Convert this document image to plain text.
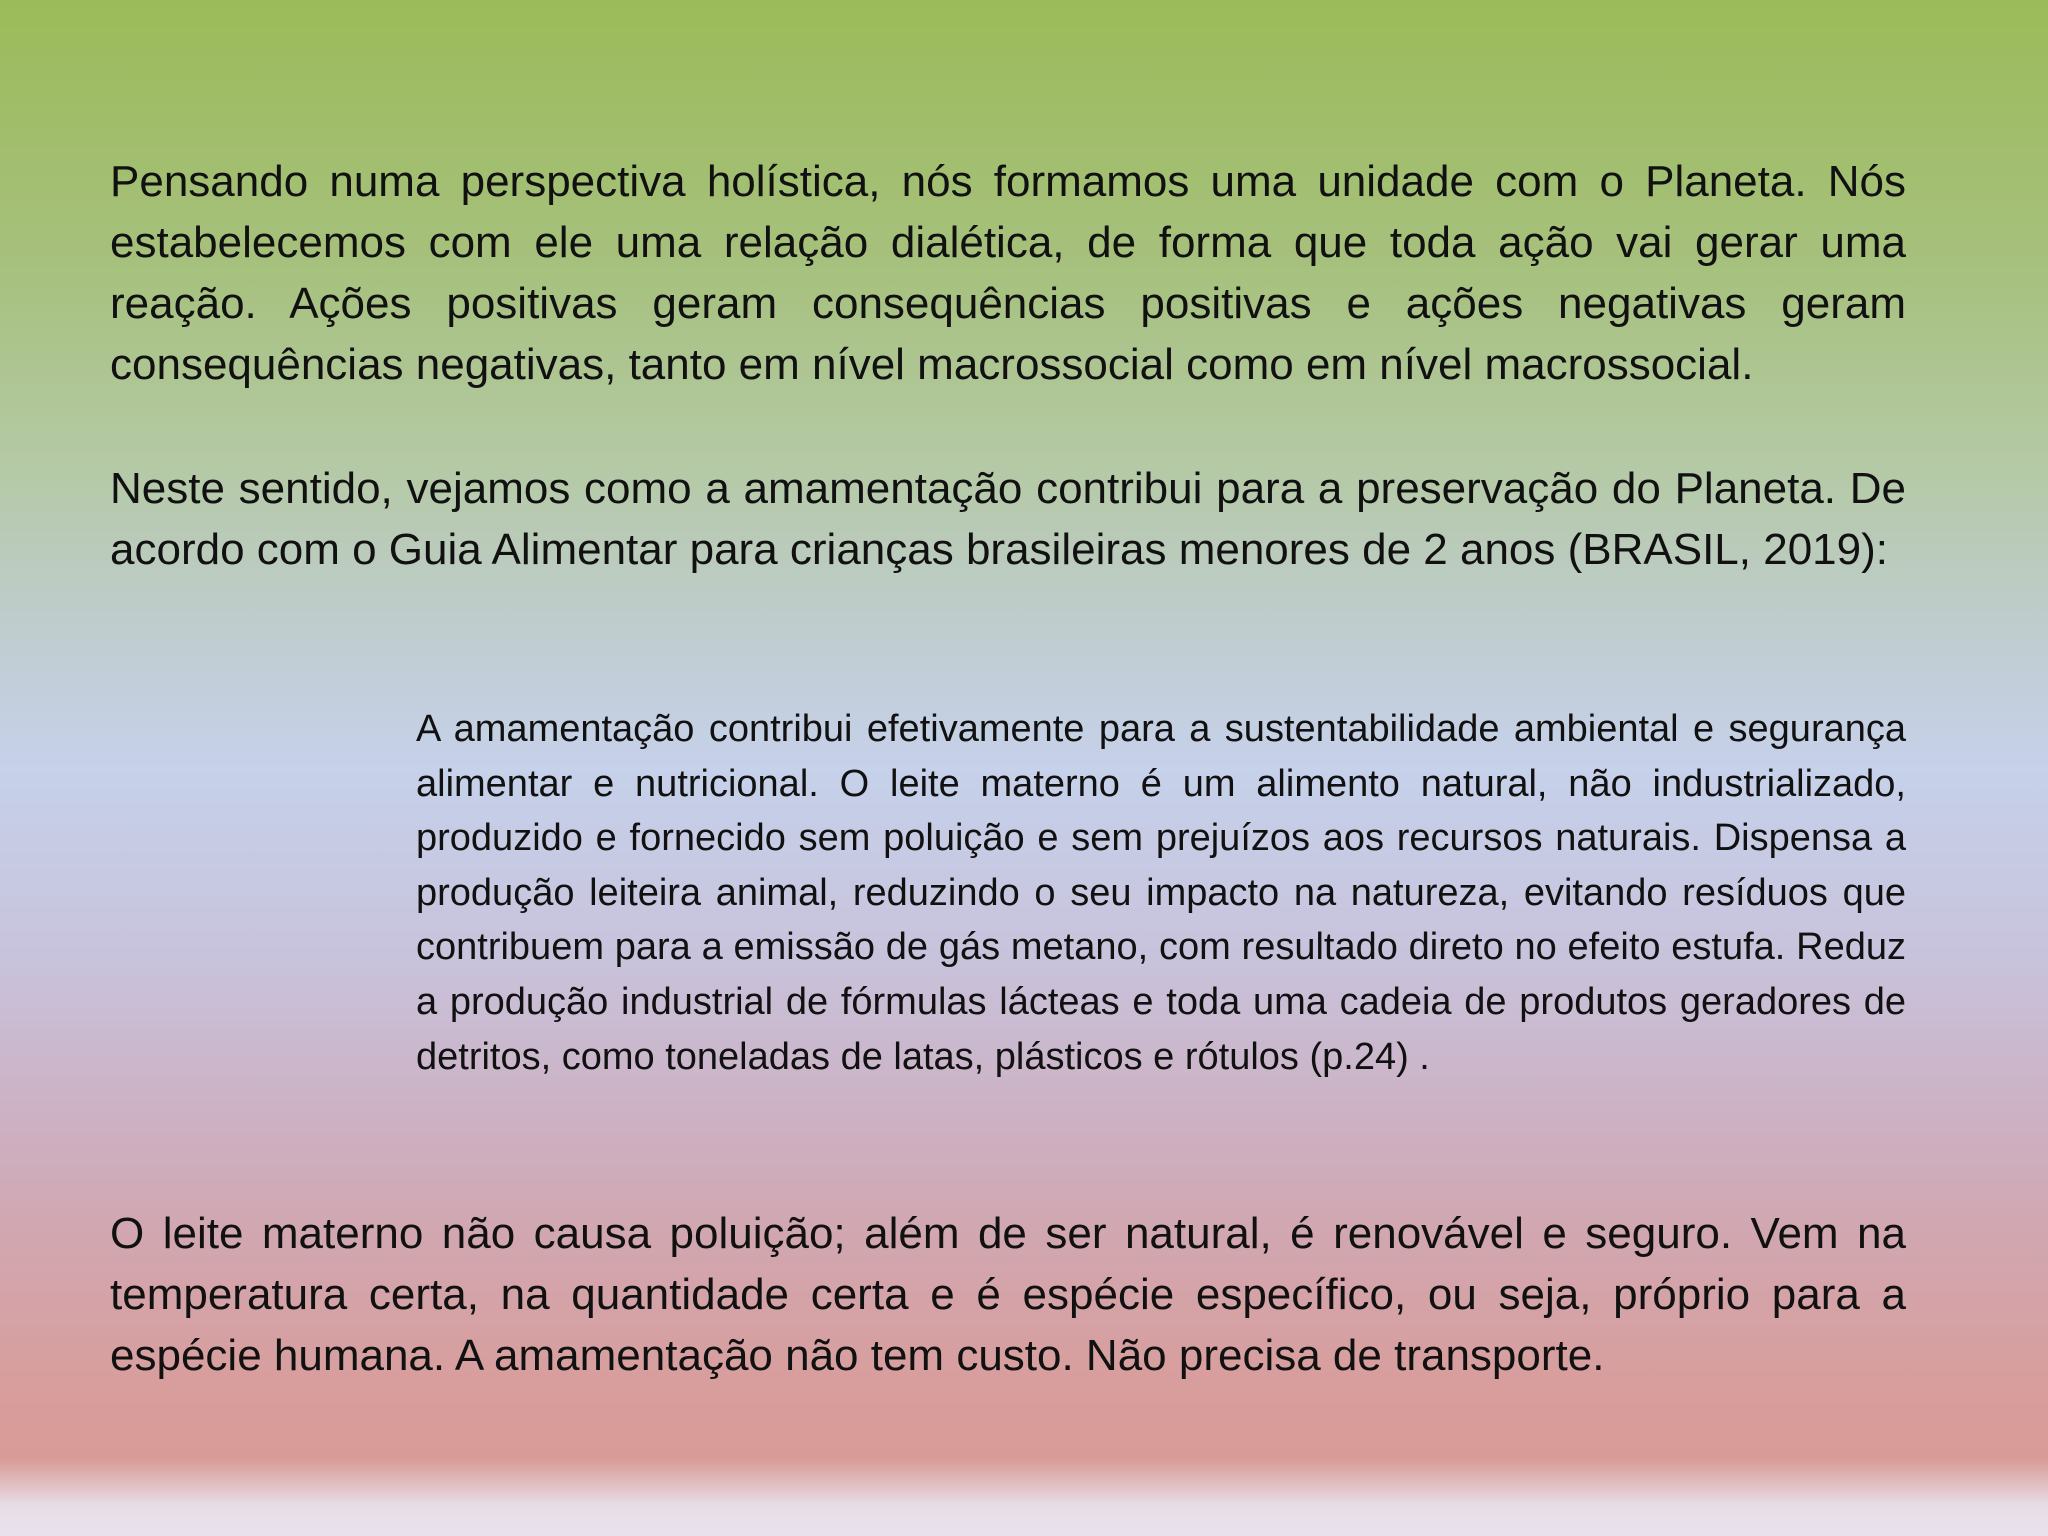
Pensando numa perspectiva holística, nós formamos uma unidade com o Planeta. Nós estabelecemos com ele uma relação dialética, de forma que toda ação vai gerar uma reação. Ações positivas geram consequências positivas e ações negativas geram consequências negativas, tanto em nível macrossocial como em nível macrossocial.

Neste sentido, vejamos como a amamentação contribui para a preservação do Planeta. De acordo com o Guia Alimentar para crianças brasileiras menores de 2 anos (BRASIL, 2019):

A amamentação contribui efetivamente para a sustentabilidade ambiental e segurança alimentar e nutricional. O leite materno é um alimento natural, não industrializado, produzido e fornecido sem poluição e sem prejuízos aos recursos naturais. Dispensa a produção leiteira animal, reduzindo o seu impacto na natureza, evitando resíduos que contribuem para a emissão de gás metano, com resultado direto no efeito estufa. Reduz a produção industrial de fórmulas lácteas e toda uma cadeia de produtos geradores de detritos, como toneladas de latas, plásticos e rótulos (p.24) .

O leite materno não causa poluição; além de ser natural, é renovável e seguro. Vem na temperatura certa, na quantidade certa e é espécie específico, ou seja, próprio para a espécie humana. A amamentação não tem custo. Não precisa de transporte.
